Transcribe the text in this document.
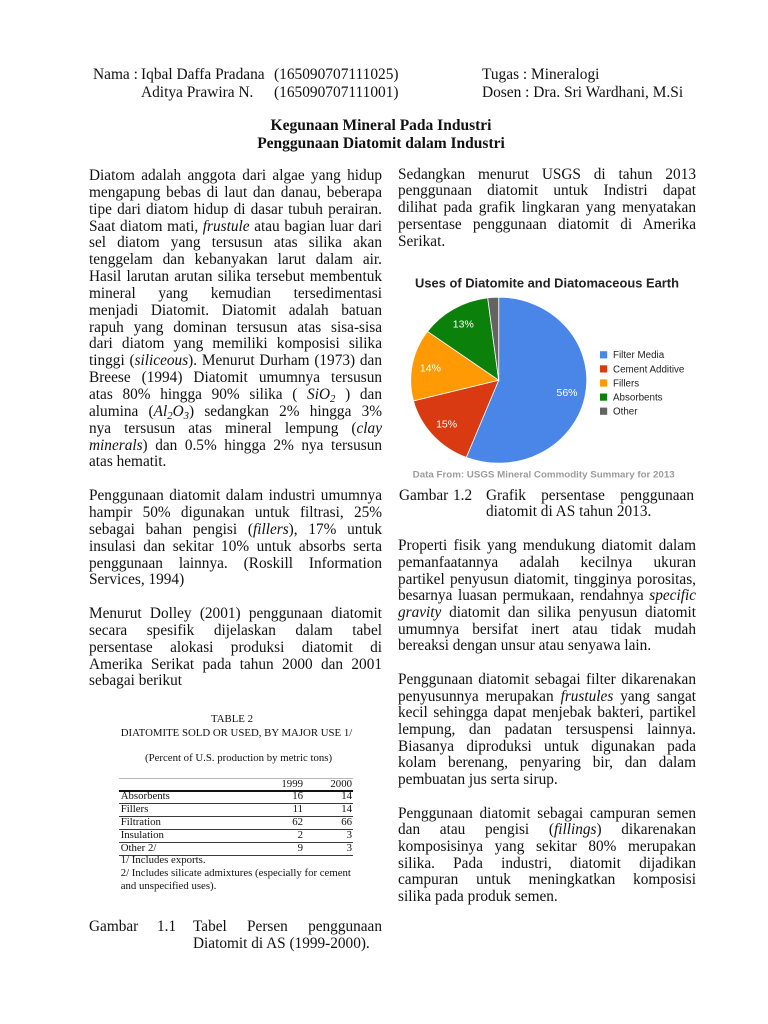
Nama : Iqbal Daffa Pradana (165090707111025)	Tugas : Mineralogi
Aditya Prawira N. (165090707111001)	Dosen : Dra. Sri Wardhani, M.Si
Kegunaan Mineral Pada Industri
Penggunaan Diatomit dalam Industri
Diatom adalah anggota dari algae yang hidup
mengapung bebas di laut dan danau, beberapa
tipe dari diatom hidup di dasar tubuh perairan.
Saat diatom mati, frustule atau bagian luar dari
sel diatom yang tersusun atas silika akan
tenggelam dan kebanyakan larut dalam air.
Hasil larutan arutan silika tersebut membentuk
mineral yang kemudian tersedimentasi
menjadi Diatomit. Diatomit adalah batuan
rapuh yang dominan tersusun atas sisa-sisa
dari diatom yang memiliki komposisi silika
tinggi (siliceous). Menurut Durham (1973) dan
Breese (1994) Diatomit umumnya tersusun
atas 80% hingga 90% silika ( SiO$_2$ ) dan
alumina $(Al_2O_3)$ sedangkan 2% hingga 3%
nya tersusun atas mineral lempung (clay
minerals) dan 0.5% hingga 2% nya tersusun
atas hematit.
Penggunaan diatomit dalam industri umumnya
hampir 50% digunakan untuk filtrasi, 25%
sebagai bahan pengisi (fillers), 17% untuk
insulasi dan sekitar 10% untuk absorbs serta
penggunaan lainnya. (Roskill Information
Services, 1994)
Menurut Dolley (2001) penggunaan diatomit
secara spesifik dijelaskan dalam tabel
persentase alokasi produksi diatomit di
Amerika Serikat pada tahun 2000 dan 2001
sebagai berikut
TABLE 2
DIATOMITE SOLD OR USED, BY MAJOR USE 1/
(Percent of U.S. production by metric tons)
1999	2000
Absorbents	16	14
Fillers	11	14
Filtration	62	66
Insulation	2	3
Other 2/	9	3
1/ Includes exports.
2/ Includes silicate admixtures (especially for cement
and unspecified uses).
Gambar 1.1 Tabel Persen penggunaan
Diatomit di AS (1999-2000).
Sedangkan menurut USGS di tahun 2013
penggunaan diatomit untuk Indistri dapat
dilihat pada grafik lingkaran yang menyatakan
persentase penggunaan diatomit di Amerika
Serikat.
Uses of Diatomite and Diatomaceous Earth
56%
15%
14%
13%
Filter Media
Cement Additive
Fillers
Absorbents
Other
Data From: USGS Mineral Commodity Summary for 2013
Gambar 1.2 Grafik persentase penggunaan
diatomit di AS tahun 2013.
Properti fisik yang mendukung diatomit dalam
pemanfaatannya adalah kecilnya ukuran
partikel penyusun diatomit, tingginya porositas,
besarnya luasan permukaan, rendahnya specific
gravity diatomit dan silika penyusun diatomit
umumnya bersifat inert atau tidak mudah
bereaksi dengan unsur atau senyawa lain.
Penggunaan diatomit sebagai filter dikarenakan
penyusunnya merupakan frustules yang sangat
kecil sehingga dapat menjebak bakteri, partikel
lempung, dan padatan tersuspensi lainnya.
Biasanya diproduksi untuk digunakan pada
kolam berenang, penyaring bir, dan dalam
pembuatan jus serta sirup.
Penggunaan diatomit sebagai campuran semen
dan atau pengisi (fillings) dikarenakan
komposisinya yang sekitar 80% merupakan
silika. Pada industri, diatomit dijadikan
campuran untuk meningkatkan komposisi
silika pada produk semen.
